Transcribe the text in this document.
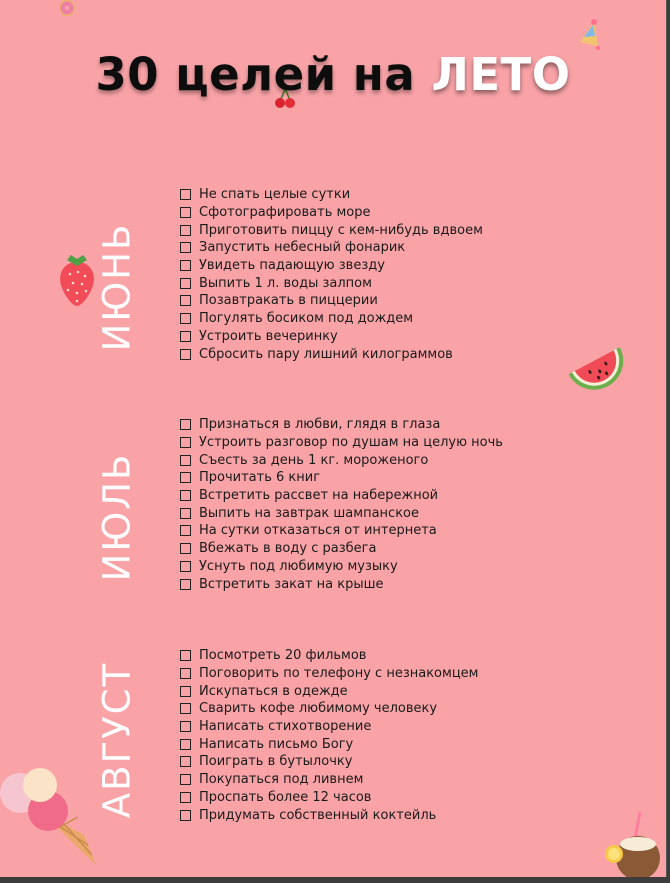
30 целей на ЛЕТО
ИЮНЬ
Не спать целые сутки
Сфотографировать море
Приготовить пиццу с кем-нибудь вдвоем
Запустить небесный фонарик
Увидеть падающую звезду
Выпить 1 л. воды залпом
Позавтракать в пиццерии
Погулять босиком под дождем
Устроить вечеринку
Сбросить пару лишний килограммов
ИЮЛЬ
Признаться в любви, глядя в глаза
Устроить разговор по душам на целую ночь
Съесть за день 1 кг. мороженого
Прочитать 6 книг
Встретить рассвет на набережной
Выпить на завтрак шампанское
На сутки отказаться от интернета
Вбежать в воду с разбега
Уснуть под любимую музыку
Встретить закат на крыше
АВГУСТ
Посмотреть 20 фильмов
Поговорить по телефону с незнакомцем
Искупаться в одежде
Сварить кофе любимому человеку
Написать стихотворение
Написать письмо Богу
Поиграть в бутылочку
Покупаться под ливнем
Проспать более 12 часов
Придумать собственный коктейль
